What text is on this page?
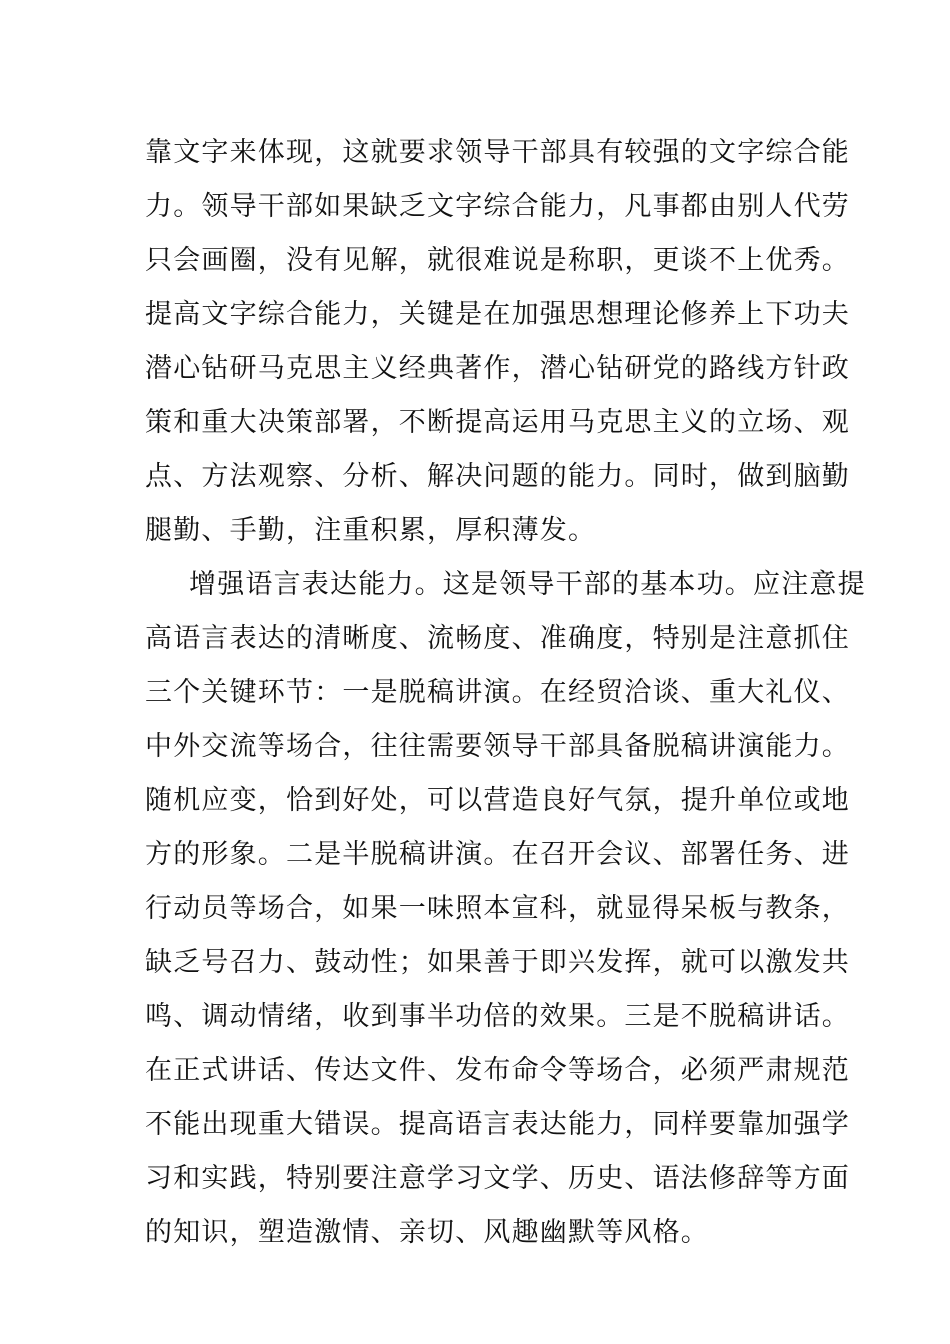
靠文字来体现，这就要求领导干部具有较强的文字综合能
力。领导干部如果缺乏文字综合能力，凡事都由别人代劳
只会画圈，没有见解，就很难说是称职，更谈不上优秀。
提高文字综合能力，关键是在加强思想理论修养上下功夫
潜心钻研马克思主义经典著作，潜心钻研党的路线方针政
策和重大决策部署，不断提高运用马克思主义的立场、观
点、方法观察、分析、解决问题的能力。同时，做到脑勤
腿勤、手勤，注重积累，厚积薄发。
增强语言表达能力。这是领导干部的基本功。应注意提
高语言表达的清晰度、流畅度、准确度，特别是注意抓住
三个关键环节：一是脱稿讲演。在经贸洽谈、重大礼仪、
中外交流等场合，往往需要领导干部具备脱稿讲演能力。
随机应变，恰到好处，可以营造良好气氛，提升单位或地
方的形象。二是半脱稿讲演。在召开会议、部署任务、进
行动员等场合，如果一味照本宣科，就显得呆板与教条，
缺乏号召力、鼓动性；如果善于即兴发挥，就可以激发共
鸣、调动情绪，收到事半功倍的效果。三是不脱稿讲话。
在正式讲话、传达文件、发布命令等场合，必须严肃规范
不能出现重大错误。提高语言表达能力，同样要靠加强学
习和实践，特别要注意学习文学、历史、语法修辞等方面
的知识，塑造激情、亲切、风趣幽默等风格。
